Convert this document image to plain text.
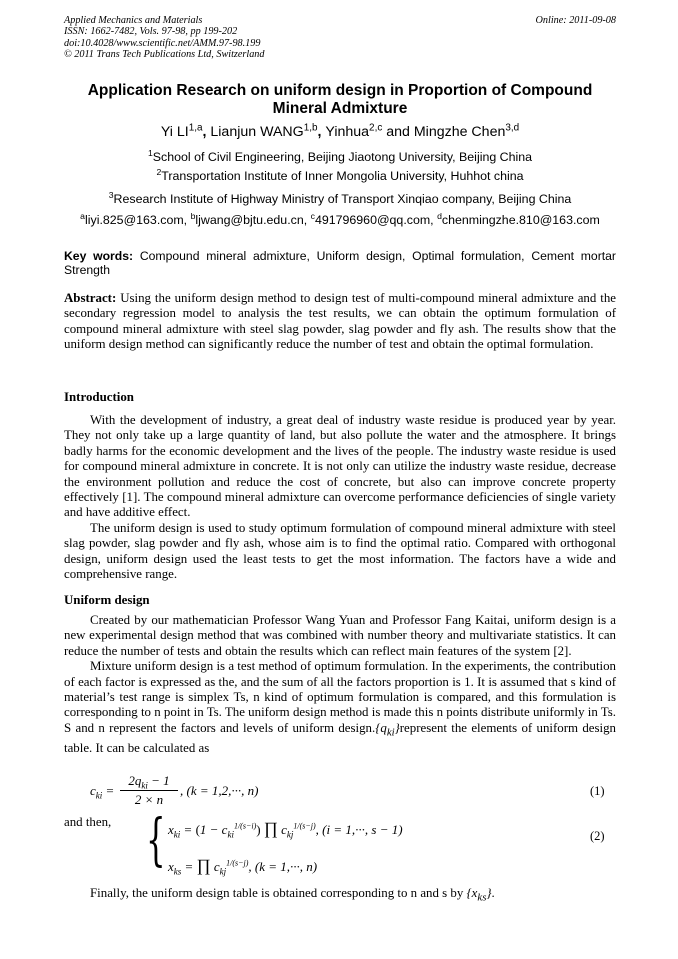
Applied Mechanics and Materials
ISSN: 1662-7482, Vols. 97-98, pp 199-202
doi:10.4028/www.scientific.net/AMM.97-98.199
© 2011 Trans Tech Publications Ltd, Switzerland
Online: 2011-09-08
Application Research on uniform design in Proportion of Compound Mineral Admixture
Yi LI$^{1,a}$, Lianjun WANG$^{1,b}$, Yinhua$^{2,c}$ and Mingzhe Chen$^{3,d}$
$^1$School of Civil Engineering, Beijing Jiaotong University, Beijing China
$^2$Transportation Institute of Inner Mongolia University, Huhhot china
$^3$Research Institute of Highway Ministry of Transport Xinqiao company, Beijing China
$^a$liyi.825@163.com, $^b$ljwang@bjtu.edu.cn, $^c$491796960@qq.com, $^d$chenmingzhe.810@163.com
Key words: Compound mineral admixture, Uniform design, Optimal formulation, Cement mortar Strength
Abstract: Using the uniform design method to design test of multi-compound mineral admixture and the secondary regression model to analysis the test results, we can obtain the optimum formulation of compound mineral admixture with steel slag powder, slag powder and fly ash. The results show that the uniform design method can significantly reduce the number of test and obtain the optimal formulation.
Introduction
With the development of industry, a great deal of industry waste residue is produced year by year. They not only take up a large quantity of land, but also pollute the water and the atmosphere. It brings badly harms for the economic development and the lives of the people. The industry waste residue is used for compound mineral admixture in concrete. It is not only can utilize the industry waste residue, decrease the environment pollution and reduce the cost of concrete, but also can improve concrete property effectively [1]. The compound mineral admixture can overcome performance deficiencies of single variety and have additive effect.
The uniform design is used to study optimum formulation of compound mineral admixture with steel slag powder, slag powder and fly ash, whose aim is to find the optimal ratio. Compared with orthogonal design, uniform design used the least tests to get the most information. The factors have a wide and comprehensive range.
Uniform design
Created by our mathematician Professor Wang Yuan and Professor Fang Kaitai, uniform design is a new experimental design method that was combined with number theory and multivariate statistics. It can reduce the number of tests and obtain the results which can reflect main features of the system [2].
Mixture uniform design is a test method of optimum formulation. In the experiments, the contribution of each factor is expressed as the, and the sum of all the factors proportion is 1. It is assumed that s kind of material’s test range is simplex Ts, n kind of optimum formulation is compared, and this formulation is corresponding to n point in Ts. The uniform design method is made this n points distribute uniformly in Ts. S and n represent the factors and levels of uniform $design.\{q_{ki}\}represent$ the elements of uniform design table. It can be calculated as
$c_{ki}$ =
$2q_{ki} - 1$
2 × n
, (k = 1,2,···, n)	(1)
and then, { $x_{ki} = (1 - c_{ki}^{1/(s-i)})$ ∏ $c_{kj}^{1/(s-j)}$, (i = 1,···, s − 1)
$x_{ks}$ = ∏ $c_{kj}^{1/(s-j)}$, (k = 1,···, n)
(2)
Finally, the uniform design table is obtained corresponding to n and s by $\{x_{ks}\}$.
